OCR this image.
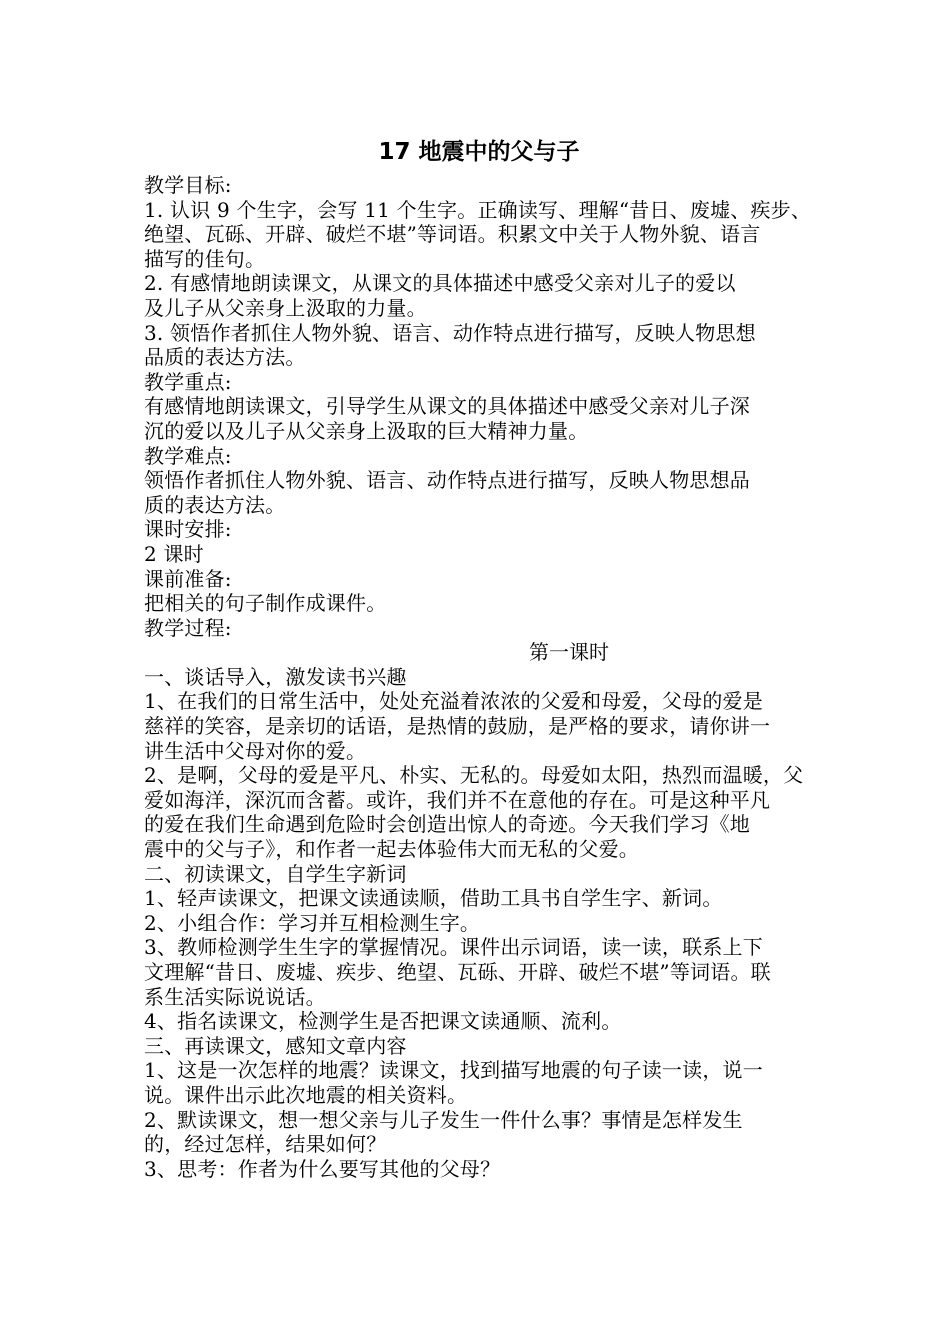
17 地震中的父与子

教学目标:

1. 认识 9 个生字，会写 11 个生字。正确读写、理解“昔日、废墟、疾步、

绝望、瓦砾、开辟、破烂不堪”等词语。积累文中关于人物外貌、语言

描写的佳句。

2. 有感情地朗读课文，从课文的具体描述中感受父亲对儿子的爱以

及儿子从父亲身上汲取的力量。

3. 领悟作者抓住人物外貌、语言、动作特点进行描写，反映人物思想

品质的表达方法。

教学重点:

有感情地朗读课文，引导学生从课文的具体描述中感受父亲对儿子深

沉的爱以及儿子从父亲身上汲取的巨大精神力量。

教学难点:

领悟作者抓住人物外貌、语言、动作特点进行描写，反映人物思想品

质的表达方法。

课时安排:

2 课时

课前准备:

把相关的句子制作成课件。

教学过程:

第一课时

一、谈话导入，激发读书兴趣

1、在我们的日常生活中，处处充溢着浓浓的父爱和母爱，父母的爱是

慈祥的笑容，是亲切的话语，是热情的鼓励，是严格的要求，请你讲一

讲生活中父母对你的爱。

2、是啊，父母的爱是平凡、朴实、无私的。母爱如太阳，热烈而温暖，父

爱如海洋，深沉而含蓄。或许，我们并不在意他的存在。可是这种平凡

的爱在我们生命遇到危险时会创造出惊人的奇迹。今天我们学习《地

震中的父与子》，和作者一起去体验伟大而无私的父爱。

二、初读课文，自学生字新词

1、轻声读课文，把课文读通读顺，借助工具书自学生字、新词。

2、小组合作：学习并互相检测生字。

3、教师检测学生生字的掌握情况。课件出示词语，读一读，联系上下

文理解“昔日、废墟、疾步、绝望、瓦砾、开辟、破烂不堪”等词语。联

系生活实际说说话。

4、指名读课文，检测学生是否把课文读通顺、流利。

三、再读课文，感知文章内容

1、这是一次怎样的地震？读课文，找到描写地震的句子读一读，说一

说。课件出示此次地震的相关资料。

2、默读课文，想一想父亲与儿子发生一件什么事？事情是怎样发生

的，经过怎样，结果如何？

3、思考：作者为什么要写其他的父母？
